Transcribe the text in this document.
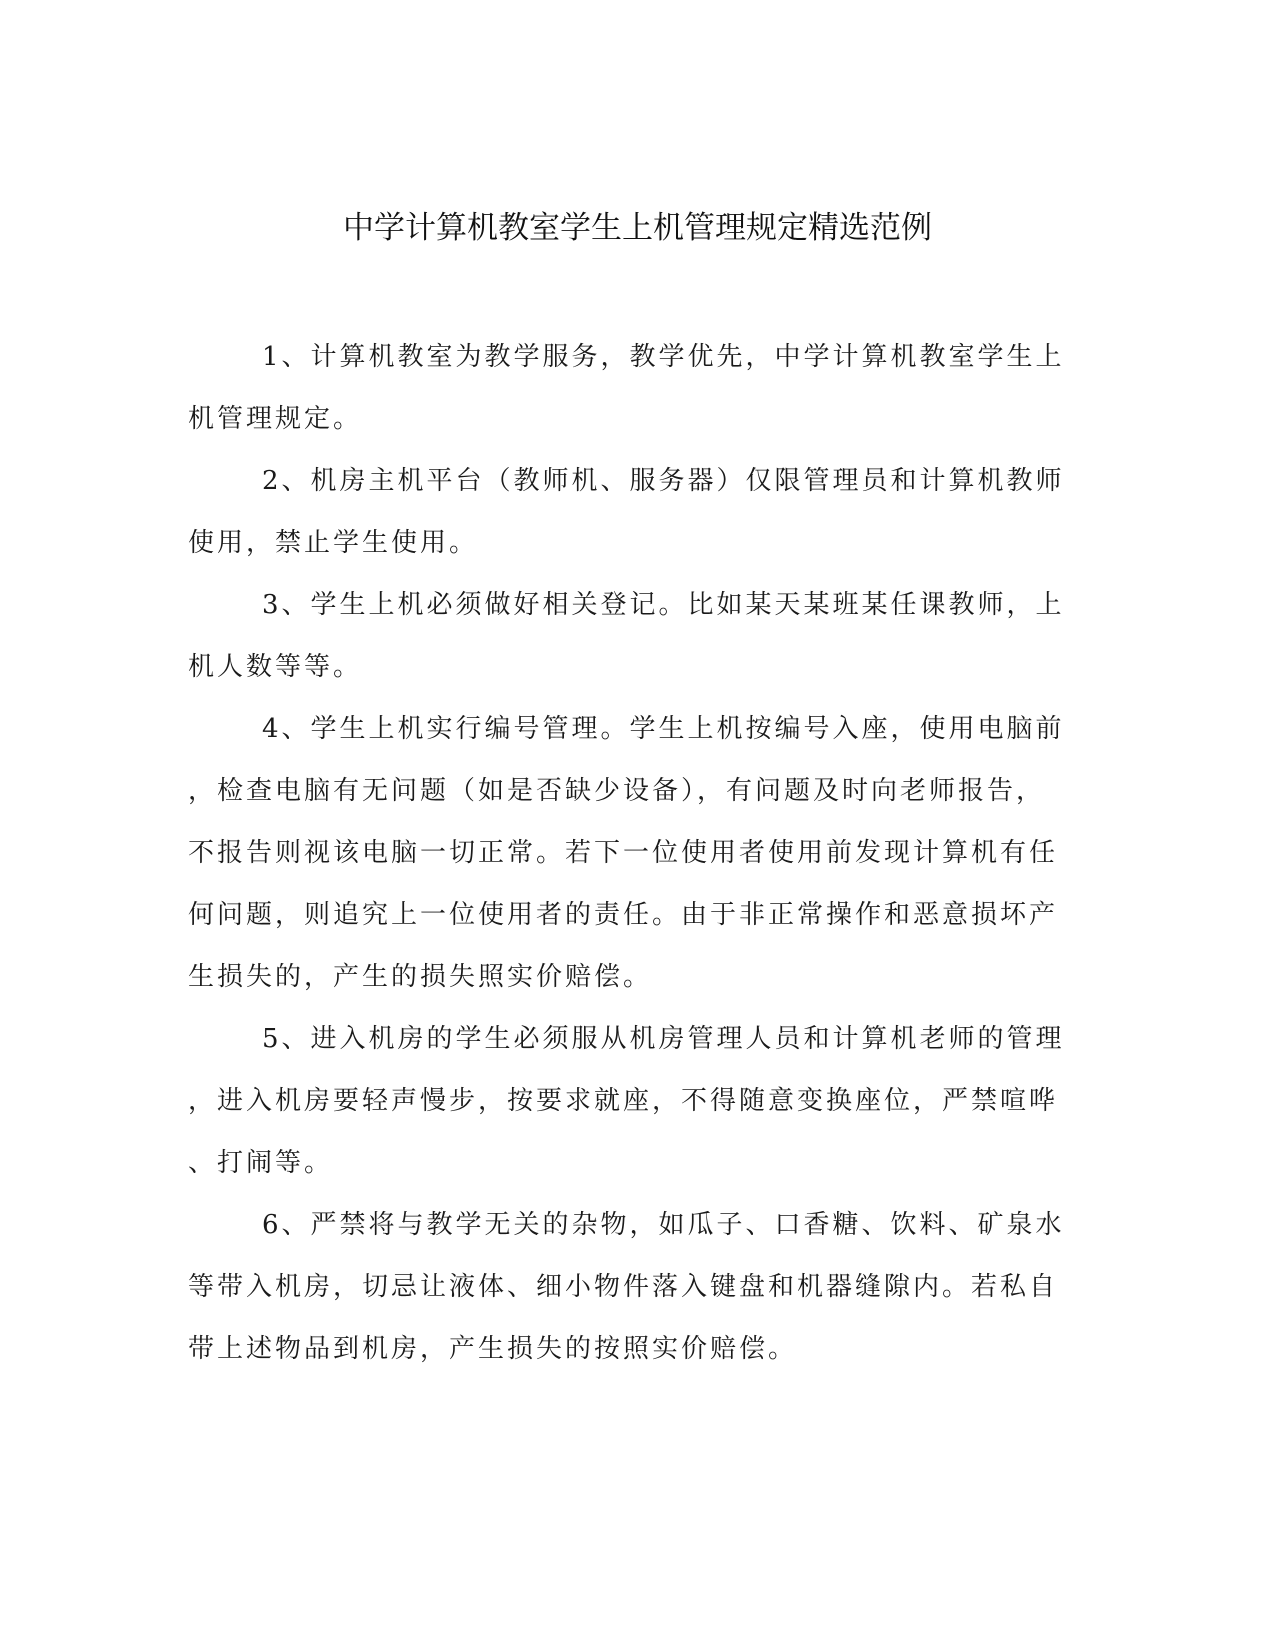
中学计算机教室学生上机管理规定精选范例

1、计算机教室为教学服务，教学优先，中学计算机教室学生上
机管理规定。

2、机房主机平台（教师机、服务器）仅限管理员和计算机教师
使用，禁止学生使用。

3、学生上机必须做好相关登记。比如某天某班某任课教师，上
机人数等等。

4、学生上机实行编号管理。学生上机按编号入座，使用电脑前
，检查电脑有无问题（如是否缺少设备），有问题及时向老师报告，
不报告则视该电脑一切正常。若下一位使用者使用前发现计算机有任
何问题，则追究上一位使用者的责任。由于非正常操作和恶意损坏产
生损失的，产生的损失照实价赔偿。

5、进入机房的学生必须服从机房管理人员和计算机老师的管理
，进入机房要轻声慢步，按要求就座，不得随意变换座位，严禁喧哗
、打闹等。

6、严禁将与教学无关的杂物，如瓜子、口香糖、饮料、矿泉水
等带入机房，切忌让液体、细小物件落入键盘和机器缝隙内。若私自
带上述物品到机房，产生损失的按照实价赔偿。
